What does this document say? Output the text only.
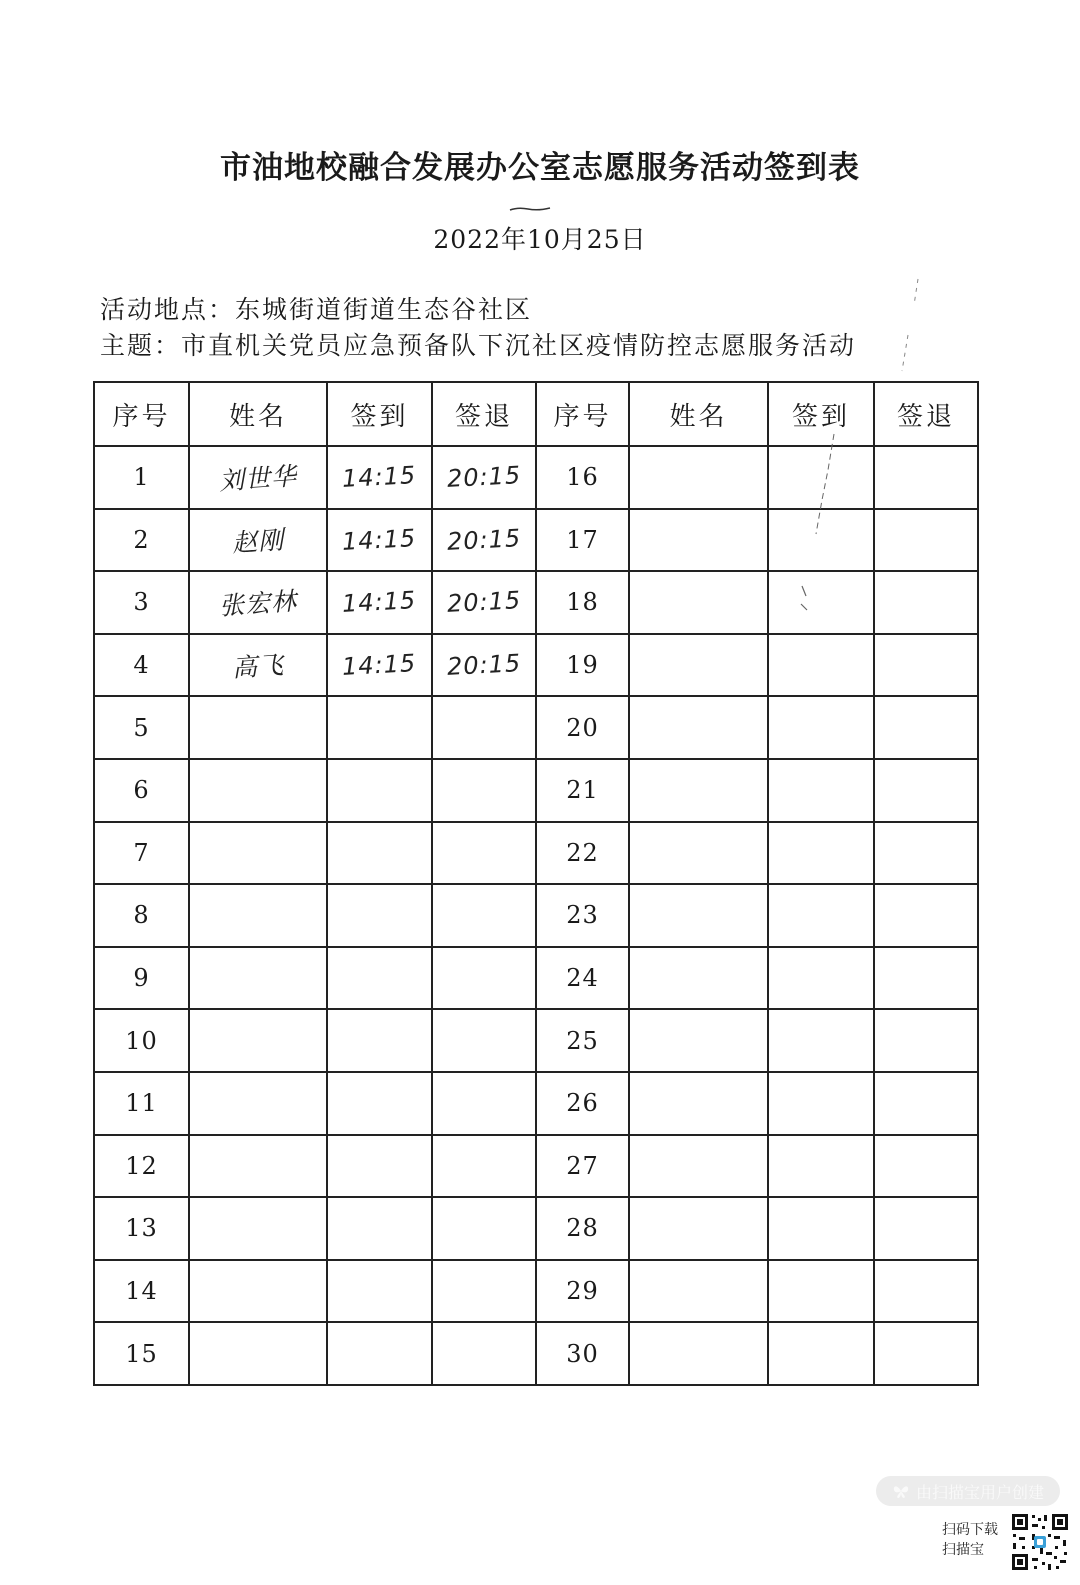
市油地校融合发展办公室志愿服务活动签到表
2022年10月25日
活动地点：东城街道街道生态谷社区
主题：市直机关党员应急预备队下沉社区疫情防控志愿服务活动
序号	姓名	签到	签退	序号	姓名	签到	签退
1	刘世华	14:15	20:15	16			
2	赵刚	14:15	20:15	17			
3	张宏林	14:15	20:15	18			
4	高飞	14:15	20:15	19			
5				20			
6				21			
7				22			
8				23			
9				24			
10				25			
11				26			
12				27			
13				28			
14				29			
15				30			
由扫描宝用户创建
扫码下载
扫描宝
